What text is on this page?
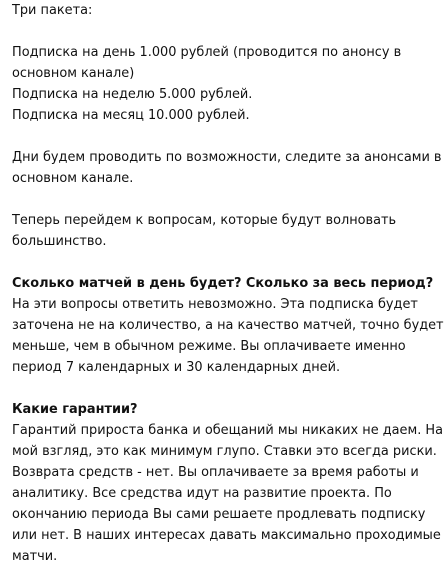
Три пакета:

Подписка на день 1.000 рублей (проводится по анонсу в
основном канале)
Подписка на неделю 5.000 рублей.
Подписка на месяц 10.000 рублей.

Дни будем проводить по возможности, следите за анонсами в
основном канале.

Теперь перейдем к вопросам, которые будут волновать
большинство.

Сколько матчей в день будет? Сколько за весь период?
На эти вопросы ответить невозможно. Эта подписка будет
заточена не на количество, а на качество матчей, точно будет
меньше, чем в обычном режиме. Вы оплачиваете именно
период 7 календарных и 30 календарных дней.

Какие гарантии?
Гарантий прироста банка и обещаний мы никаких не даем. На
мой взгляд, это как минимум глупо. Ставки это всегда риски.
Возврата средств - нет. Вы оплачиваете за время работы и
аналитику. Все средства идут на развитие проекта. По
окончанию периода Вы сами решаете продлевать подписку
или нет. В наших интересах давать максимально проходимые
матчи.
